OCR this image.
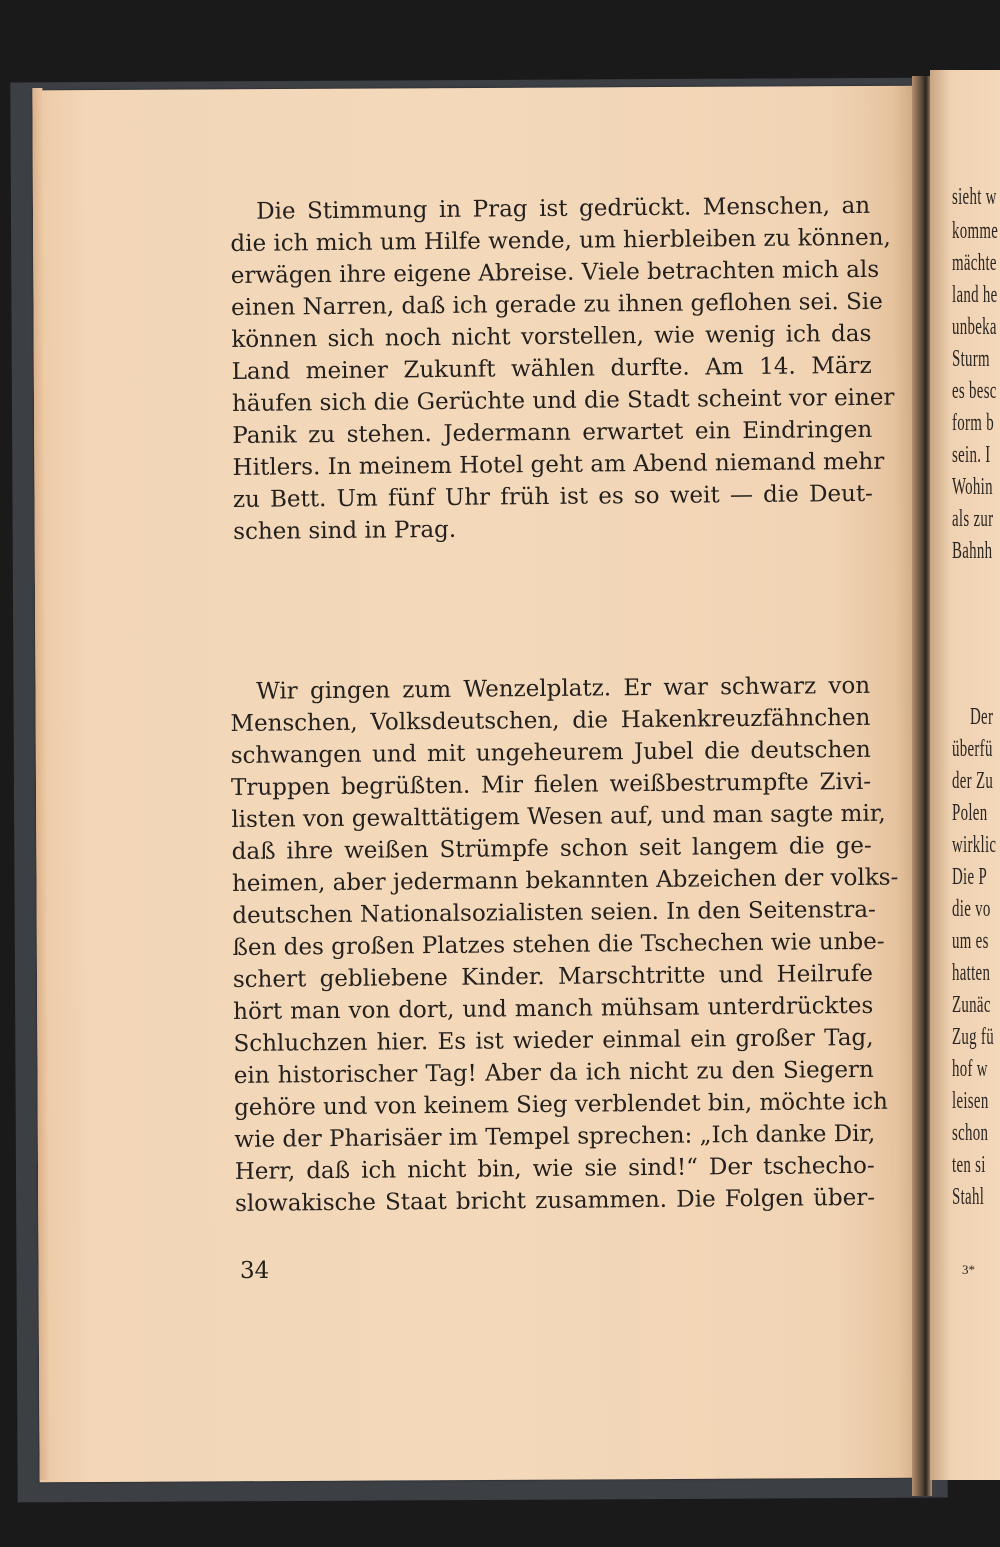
Die Stimmung in Prag ist gedrückt. Menschen, an
die ich mich um Hilfe wende, um hierbleiben zu können,
erwägen ihre eigene Abreise. Viele betrachten mich als
einen Narren, daß ich gerade zu ihnen geflohen sei. Sie
können sich noch nicht vorstellen, wie wenig ich das
Land meiner Zukunft wählen durfte. Am 14. März
häufen sich die Gerüchte und die Stadt scheint vor einer
Panik zu stehen. Jedermann erwartet ein Eindringen
Hitlers. In meinem Hotel geht am Abend niemand mehr
zu Bett. Um fünf Uhr früh ist es so weit — die Deut-
schen sind in Prag.
Wir gingen zum Wenzelplatz. Er war schwarz von
Menschen, Volksdeutschen, die Hakenkreuzfähnchen
schwangen und mit ungeheurem Jubel die deutschen
Truppen begrüßten. Mir fielen weißbestrumpfte Zivi-
listen von gewalttätigem Wesen auf, und man sagte mir,
daß ihre weißen Strümpfe schon seit langem die ge-
heimen, aber jedermann bekannten Abzeichen der volks-
deutschen Nationalsozialisten seien. In den Seitenstra-
ßen des großen Platzes stehen die Tschechen wie unbe-
schert gebliebene Kinder. Marschtritte und Heilrufe
hört man von dort, und manch mühsam unterdrücktes
Schluchzen hier. Es ist wieder einmal ein großer Tag,
ein historischer Tag! Aber da ich nicht zu den Siegern
gehöre und von keinem Sieg verblendet bin, möchte ich
wie der Pharisäer im Tempel sprechen: „Ich danke Dir,
Herr, daß ich nicht bin, wie sie sind!“ Der tschecho-
slowakische Staat bricht zusammen. Die Folgen über-
34
sieht w
komme
mächte
land he
unbeka
Sturm
es besc
form b
sein. I
Wohin
als zur
Bahnh
Der
überfü
der Zu
Polen
wirklic
Die P
die vo
um es
hatten
Zunäc
Zug fü
hof w
leisen
schon
ten si
Stahl
3*
